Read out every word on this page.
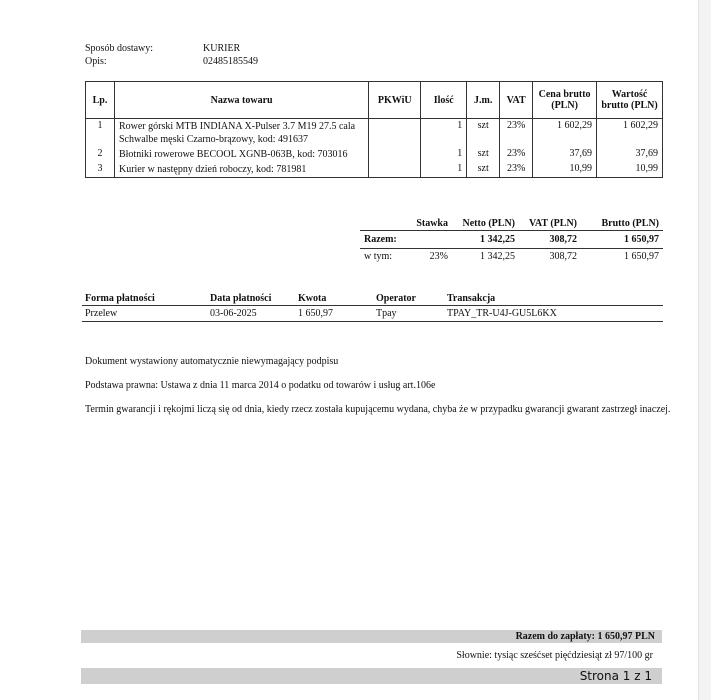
Sposób dostawy:	KURIER
Opis:	02485185549
Lp.	Nazwa towaru	PKWiU	Ilość	J.m.	VAT	Cena brutto (PLN)	Wartość brutto (PLN)
1	Rower górski MTB INDIANA X-Pulser 3.7 M19 27.5 cala Schwalbe męski Czarno-brązowy, kod: 491637		1	szt	23%	1 602,29	1 602,29
2	Błotniki rowerowe BECOOL XGNB-063B, kod: 703016		1	szt	23%	37,69	37,69
3	Kurier w następny dzień roboczy, kod: 781981		1	szt	23%	10,99	10,99
	Stawka	Netto (PLN)	VAT (PLN)	Brutto (PLN)
Razem:		1 342,25	308,72	1 650,97
w tym:	23%	1 342,25	308,72	1 650,97
Forma płatności	Data płatności	Kwota	Operator	Transakcja
Przelew	03-06-2025	1 650,97	Tpay	TPAY_TR-U4J-GU5L6KX

Dokument wystawiony automatycznie niewymagający podpisu

Podstawa prawna: Ustawa z dnia 11 marca 2014 o podatku od towarów i usług art.106e

Termin gwarancji i rękojmi liczą się od dnia, kiedy rzecz została kupującemu wydana, chyba że w przypadku gwarancji gwarant zastrzegł inaczej.

Razem do zapłaty: 1 650,97 PLN
Słownie: tysiąc sześćset pięćdziesiąt zł 97/100 gr
Strona 1 z 1
